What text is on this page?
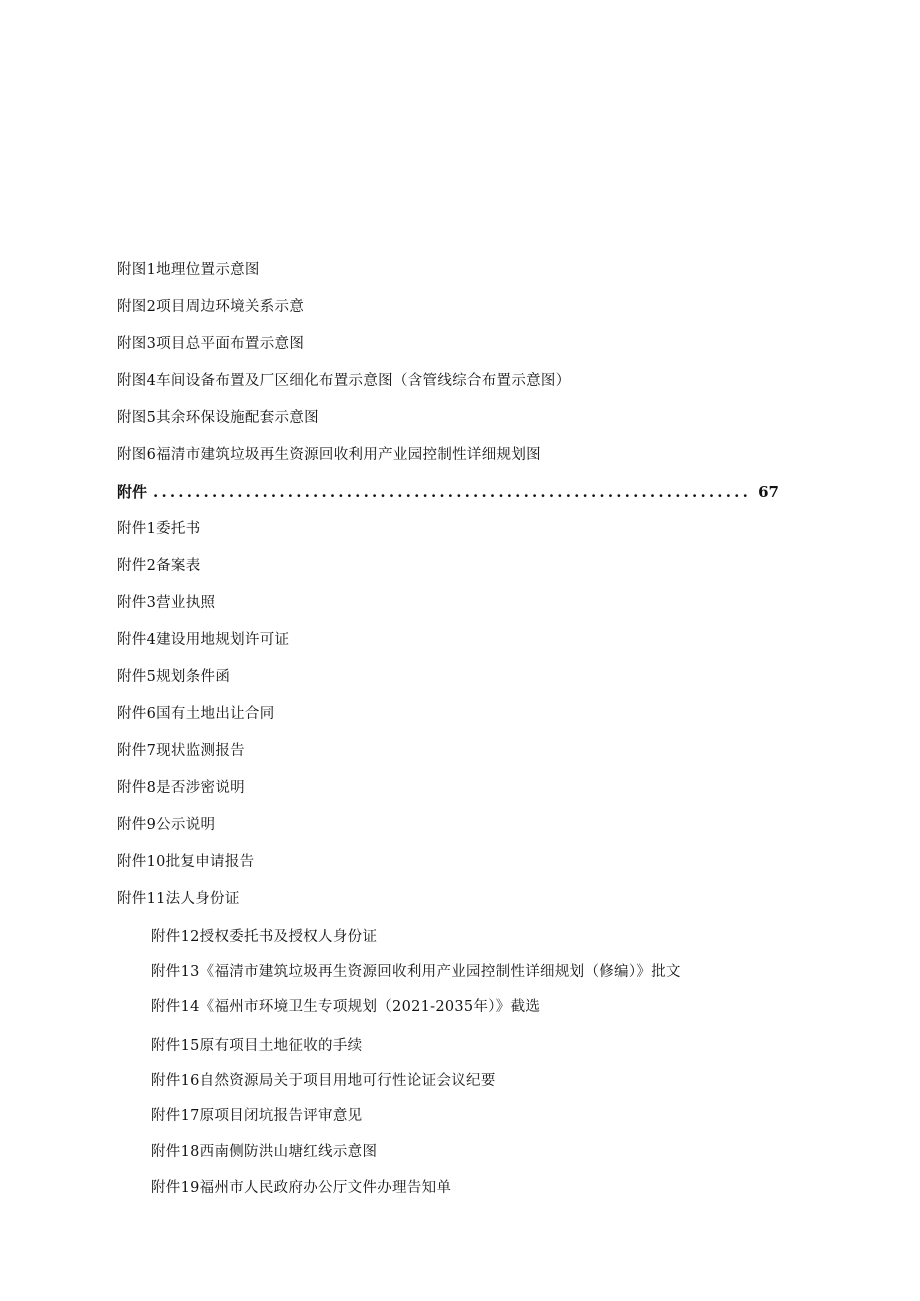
附图1地理位置示意图
附图2项目周边环境关系示意
附图3项目总平面布置示意图
附图4车间设备布置及厂区细化布置示意图（含管线综合布置示意图）
附图5其余环保设施配套示意图
附图6福清市建筑垃圾再生资源回收利用产业园控制性详细规划图
附件
.....	67
附件1委托书
附件2备案表
附件3营业执照
附件4建设用地规划许可证
附件5规划条件函
附件6国有土地出让合同
附件7现状监测报告
附件8是否涉密说明
附件9公示说明
附件10批复申请报告
附件11法人身份证
附件12授权委托书及授权人身份证
附件13《福清市建筑垃圾再生资源回收利用产业园控制性详细规划（修编）》批文
附件14《福州市环境卫生专项规划（2021-2035年）》截选
附件15原有项目土地征收的手续
附件16自然资源局关于项目用地可行性论证会议纪要
附件17原项目闭坑报告评审意见
附件18西南侧防洪山塘红线示意图
附件19福州市人民政府办公厅文件办理告知单
